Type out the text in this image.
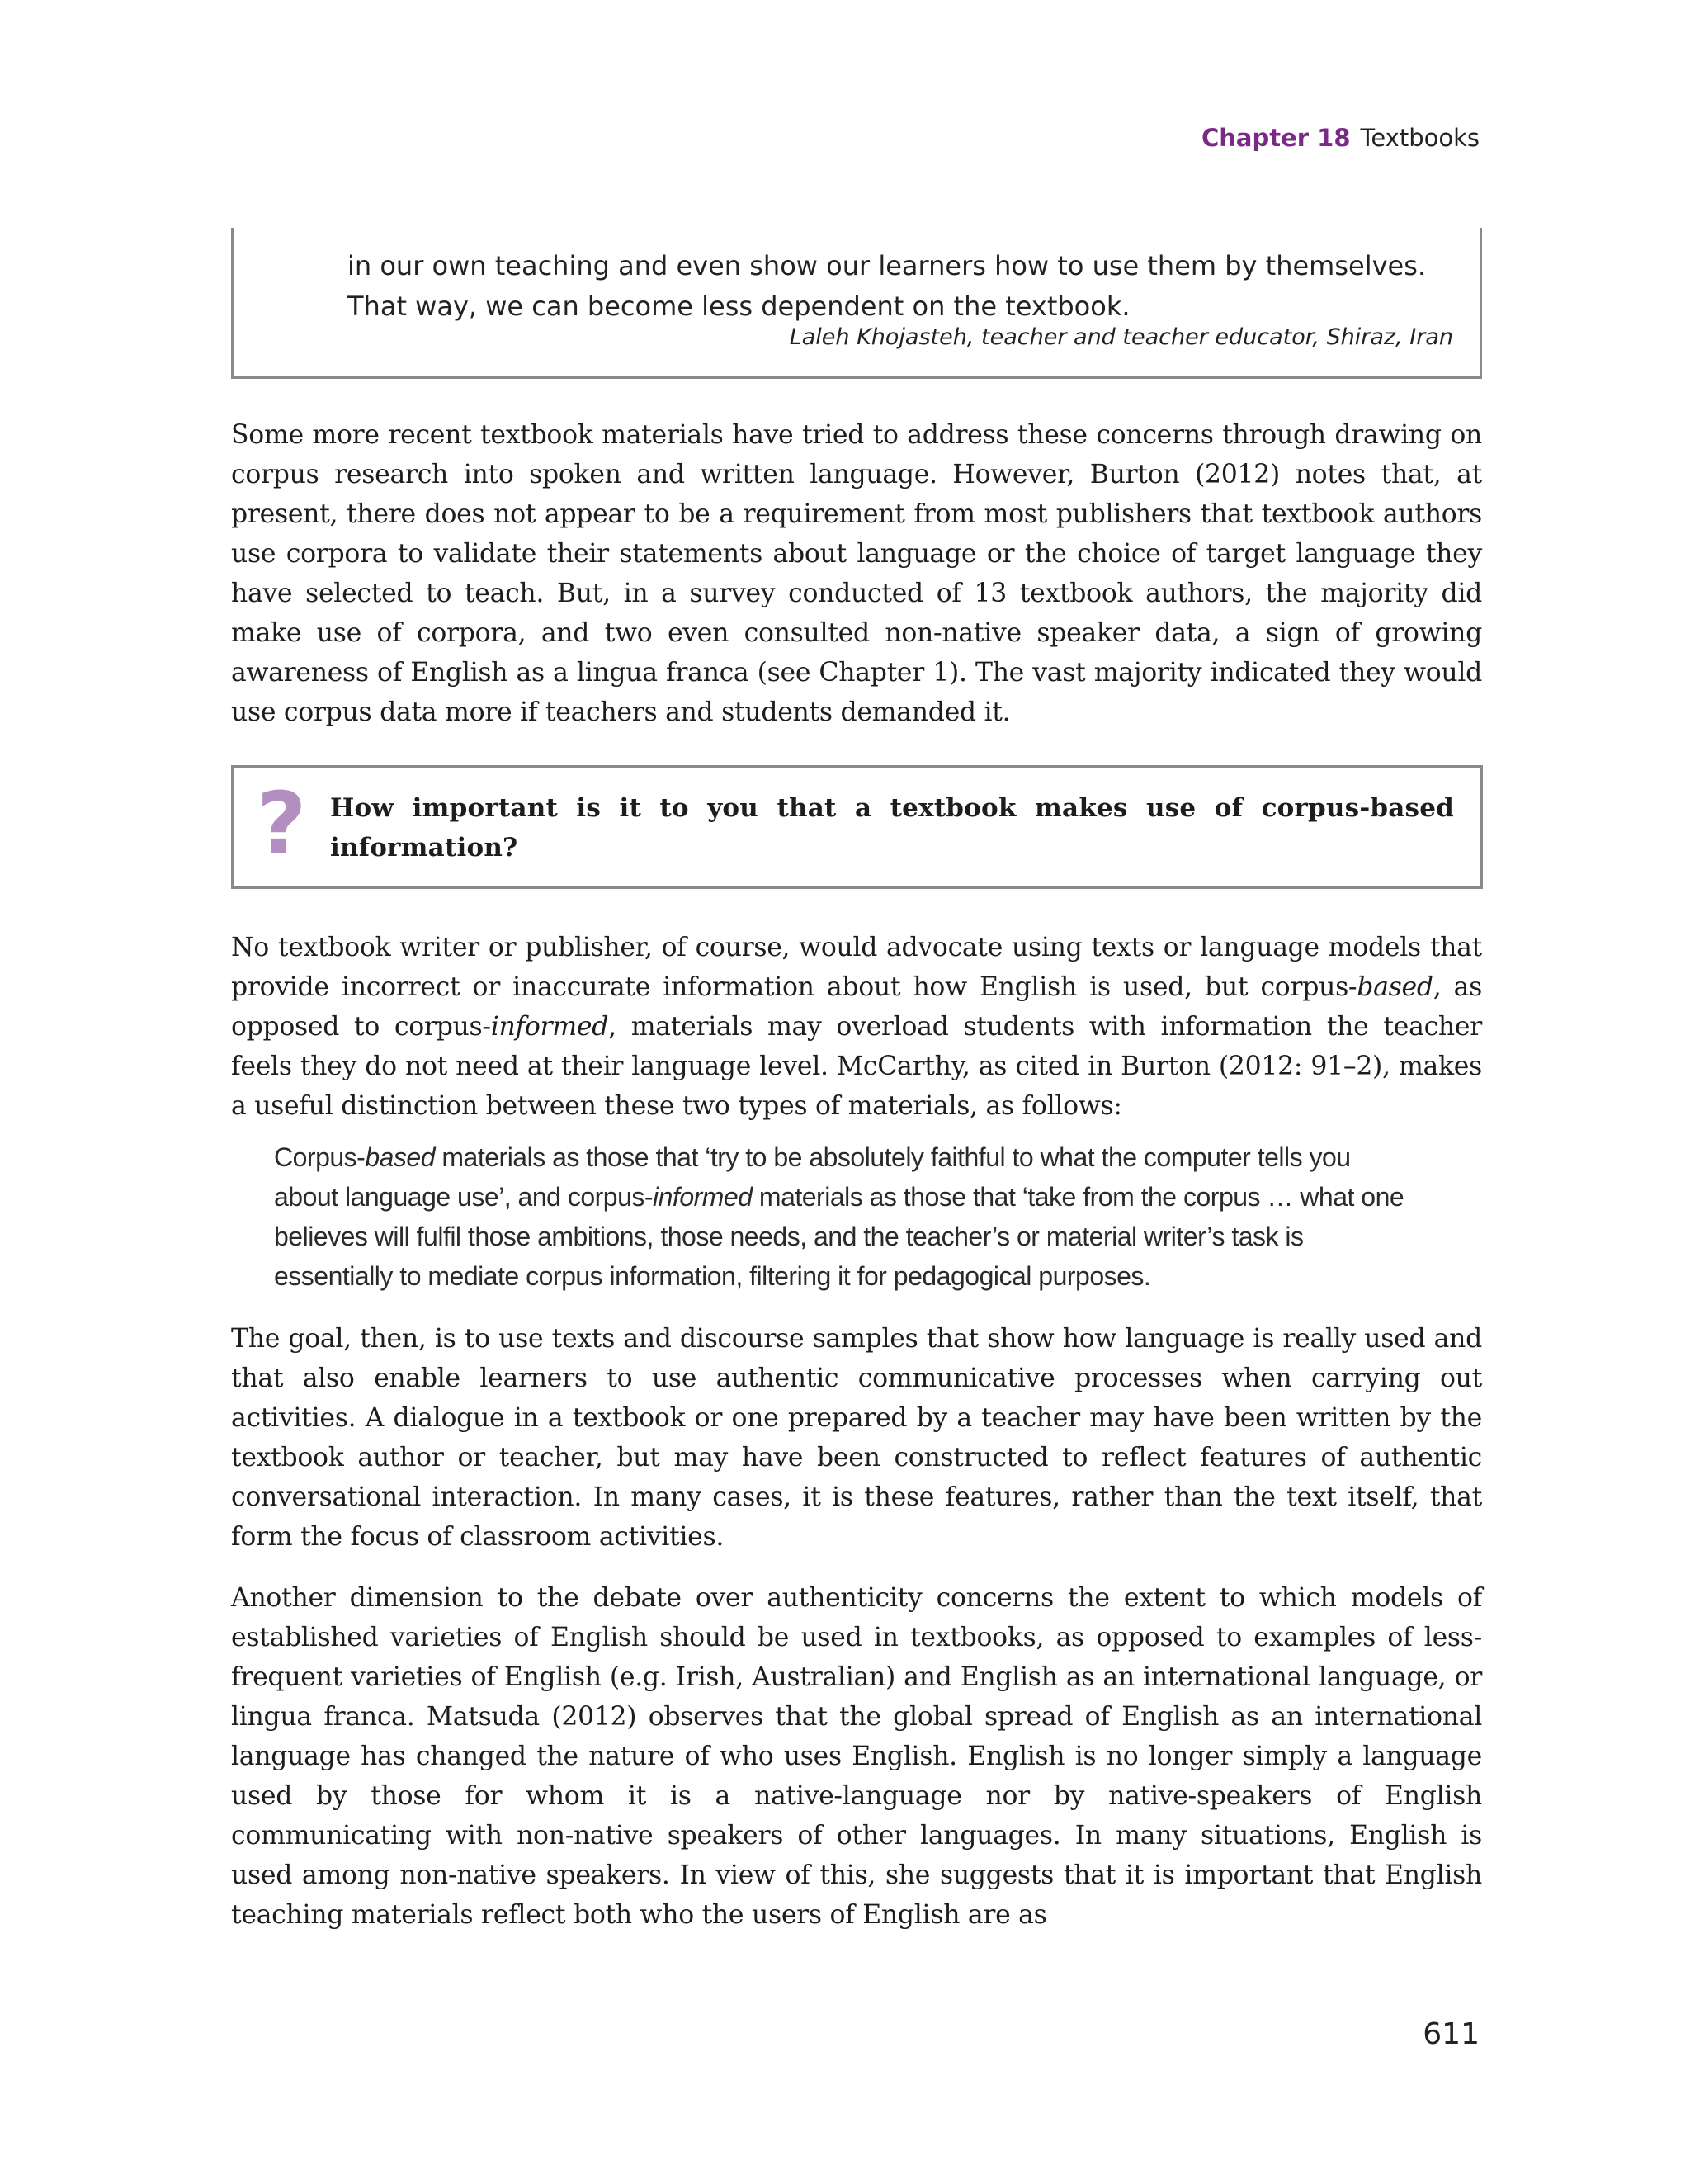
Chapter 18 Textbooks
in our own teaching and even show our learners how to use them by themselves. That way, we can become less dependent on the textbook.
Laleh Khojasteh, teacher and teacher educator, Shiraz, Iran

Some more recent textbook materials have tried to address these concerns through drawing on corpus research into spoken and written language. However, Burton (2012) notes that, at present, there does not appear to be a requirement from most publishers that textbook authors use corpora to validate their statements about language or the choice of target language they have selected to teach. But, in a survey conducted of 13 textbook authors, the majority did make use of corpora, and two even consulted non-native speaker data, a sign of growing awareness of English as a lingua franca (see Chapter 1). The vast majority indicated they would use corpus data more if teachers and students demanded it.

? How important is it to you that a textbook makes use of corpus-based information?

No textbook writer or publisher, of course, would advocate using texts or language models that provide incorrect or inaccurate information about how English is used, but corpus-based, as opposed to corpus-informed, materials may overload students with information the teacher feels they do not need at their language level. McCarthy, as cited in Burton (2012: 91–2), makes a useful distinction between these two types of materials, as follows:

Corpus-based materials as those that ‘try to be absolutely faithful to what the computer tells you about language use’, and corpus-informed materials as those that ‘take from the corpus … what one believes will fulfil those ambitions, those needs, and the teacher’s or material writer’s task is essentially to mediate corpus information, filtering it for pedagogical purposes.

The goal, then, is to use texts and discourse samples that show how language is really used and that also enable learners to use authentic communicative processes when carrying out activities. A dialogue in a textbook or one prepared by a teacher may have been written by the textbook author or teacher, but may have been constructed to reflect features of authentic conversational interaction. In many cases, it is these features, rather than the text itself, that form the focus of classroom activities.

Another dimension to the debate over authenticity concerns the extent to which models of established varieties of English should be used in textbooks, as opposed to examples of less-frequent varieties of English (e.g. Irish, Australian) and English as an international language, or lingua franca. Matsuda (2012) observes that the global spread of English as an international language has changed the nature of who uses English. English is no longer simply a language used by those for whom it is a native-language nor by native-speakers of English communicating with non-native speakers of other languages. In many situations, English is used among non-native speakers. In view of this, she suggests that it is important that English teaching materials reflect both who the users of English are as

611
